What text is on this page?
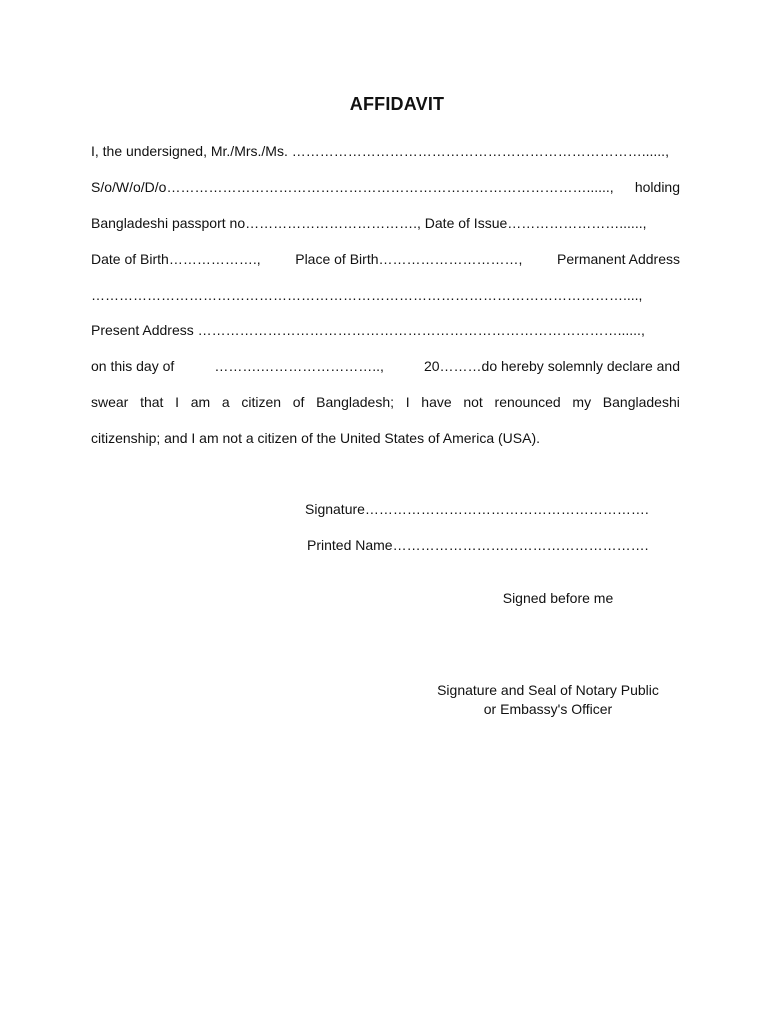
AFFIDAVIT
I, the undersigned, Mr./Mrs./Ms. …………………………………………………………………......,
S/o/W/o/D/o………………………………………………………………………………......, holding
Bangladeshi passport no………………………………., Date of Issue……………………......,
Date of Birth………………., Place of Birth…………………………, Permanent Address
……………………………………………………………………………………………………....,
Present Address ………………………………………………………………………………......,
on this day of	……….……………………..,	20………do hereby solemnly declare and
swear that I am a citizen of Bangladesh; I have not renounced my Bangladeshi
citizenship; and I am not a citizen of the United States of America (USA).
Signature…………………………………………………….
Printed Name……………………………………………….
Signed before me
Signature and Seal of Notary Public
or Embassy's Officer
